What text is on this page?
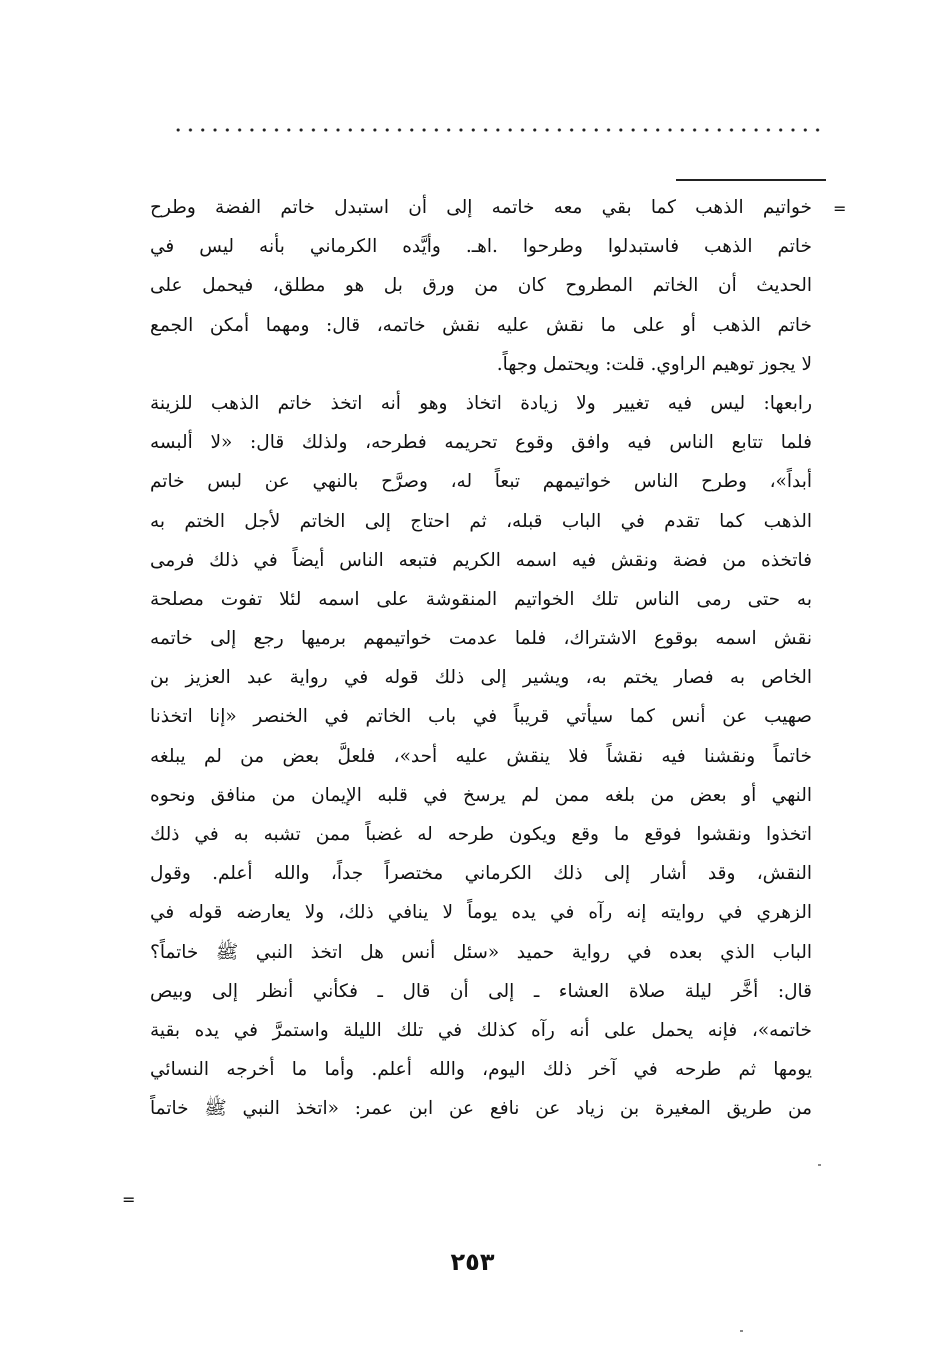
=
=
خواتيم الذهب كما بقي معه خاتمه إلى أن استبدل خاتم الفضة وطرح
خاتم الذهب فاستبدلوا وطرحوا .اهـ. وأيَّده الكرماني بأنه ليس في
الحديث أن الخاتم المطروح كان من ورق بل هو مطلق، فيحمل على
خاتم الذهب أو على ما نقش عليه نقش خاتمه، قال: ومهما أمكن الجمع
لا يجوز توهيم الراوي. قلت: ويحتمل وجهاً.
رابعها: ليس فيه تغيير ولا زيادة اتخاذ وهو أنه اتخذ خاتم الذهب للزينة
فلما تتابع الناس فيه وافق وقوع تحريمه فطرحه، ولذلك قال: «لا ألبسه
أبداً»، وطرح الناس خواتيمهم تبعاً له، وصرَّح بالنهي عن لبس خاتم
الذهب كما تقدم في الباب قبله، ثم احتاج إلى الخاتم لأجل الختم به
فاتخذه من فضة ونقش فيه اسمه الكريم فتبعه الناس أيضاً في ذلك فرمى
به حتى رمى الناس تلك الخواتيم المنقوشة على اسمه لئلا تفوت مصلحة
نقش اسمه بوقوع الاشتراك، فلما عدمت خواتيمهم برميها رجع إلى خاتمه
الخاص به فصار يختم به، ويشير إلى ذلك قوله في رواية عبد العزيز بن
صهيب عن أنس كما سيأتي قريباً في باب الخاتم في الخنصر «إنا اتخذنا
خاتماً ونقشنا فيه نقشاً فلا ينقش عليه أحد»، فلعلَّ بعض من لم يبلغه
النهي أو بعض من بلغه ممن لم يرسخ في قلبه الإيمان من منافق ونحوه
اتخذوا ونقشوا فوقع ما وقع ويكون طرحه له غضباً ممن تشبه به في ذلك
النقش، وقد أشار إلى ذلك الكرماني مختصراً جداً، والله أعلم. وقول
الزهري في روايته إنه رآه في يده يوماً لا ينافي ذلك، ولا يعارضه قوله في
الباب الذي بعده في رواية حميد «سئل أنس هل اتخذ النبي ﷺ خاتماً؟
قال: أخَّر ليلة صلاة العشاء ـ إلى أن قال ـ فكأني أنظر إلى وبيص
خاتمه»، فإنه يحمل على أنه رآه كذلك في تلك الليلة واستمرَّ في يده بقية
يومها ثم طرحه في آخر ذلك اليوم، والله أعلم. وأما ما أخرجه النسائي
من طريق المغيرة بن زياد عن نافع عن ابن عمر: «اتخذ النبي ﷺ خاتماً
٢٥٣
